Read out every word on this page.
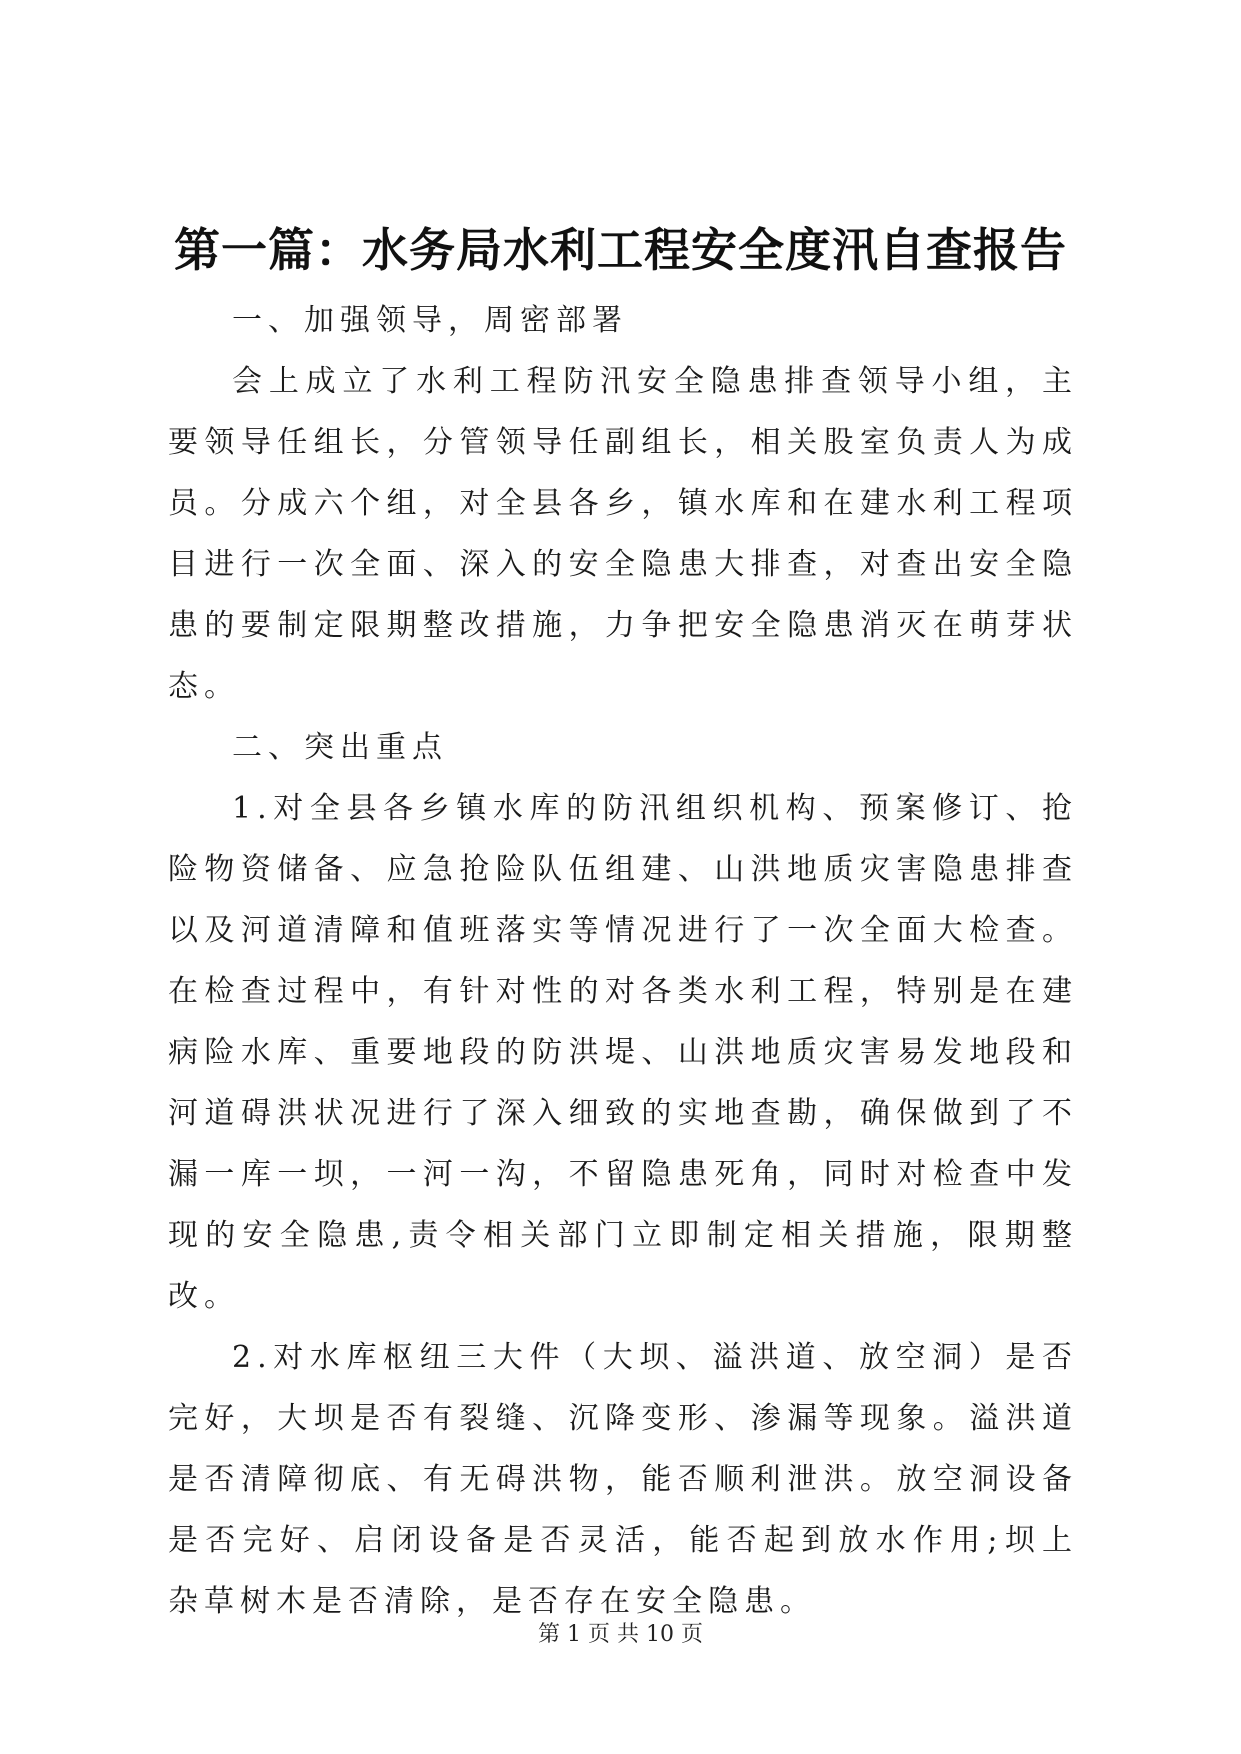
第一篇：水务局水利工程安全度汛自查报告

一、加强领导，周密部署

会上成立了水利工程防汛安全隐患排查领导小组，主要领导任组长，分管领导任副组长，相关股室负责人为成员。分成六个组，对全县各乡，镇水库和在建水利工程项目进行一次全面、深入的安全隐患大排查，对查出安全隐患的要制定限期整改措施，力争把安全隐患消灭在萌芽状态。

二、突出重点

1.对全县各乡镇水库的防汛组织机构、预案修订、抢险物资储备、应急抢险队伍组建、山洪地质灾害隐患排查以及河道清障和值班落实等情况进行了一次全面大检查。在检查过程中，有针对性的对各类水利工程，特别是在建病险水库、重要地段的防洪堤、山洪地质灾害易发地段和河道碍洪状况进行了深入细致的实地查勘，确保做到了不漏一库一坝，一河一沟，不留隐患死角，同时对检查中发现的安全隐患,责令相关部门立即制定相关措施，限期整改。

2.对水库枢纽三大件（大坝、溢洪道、放空洞）是否完好，大坝是否有裂缝、沉降变形、渗漏等现象。溢洪道是否清障彻底、有无碍洪物，能否顺利泄洪。放空洞设备是否完好、启闭设备是否灵活，能否起到放水作用;坝上杂草树木是否清除，是否存在安全隐患。

第 1 页 共 10 页
